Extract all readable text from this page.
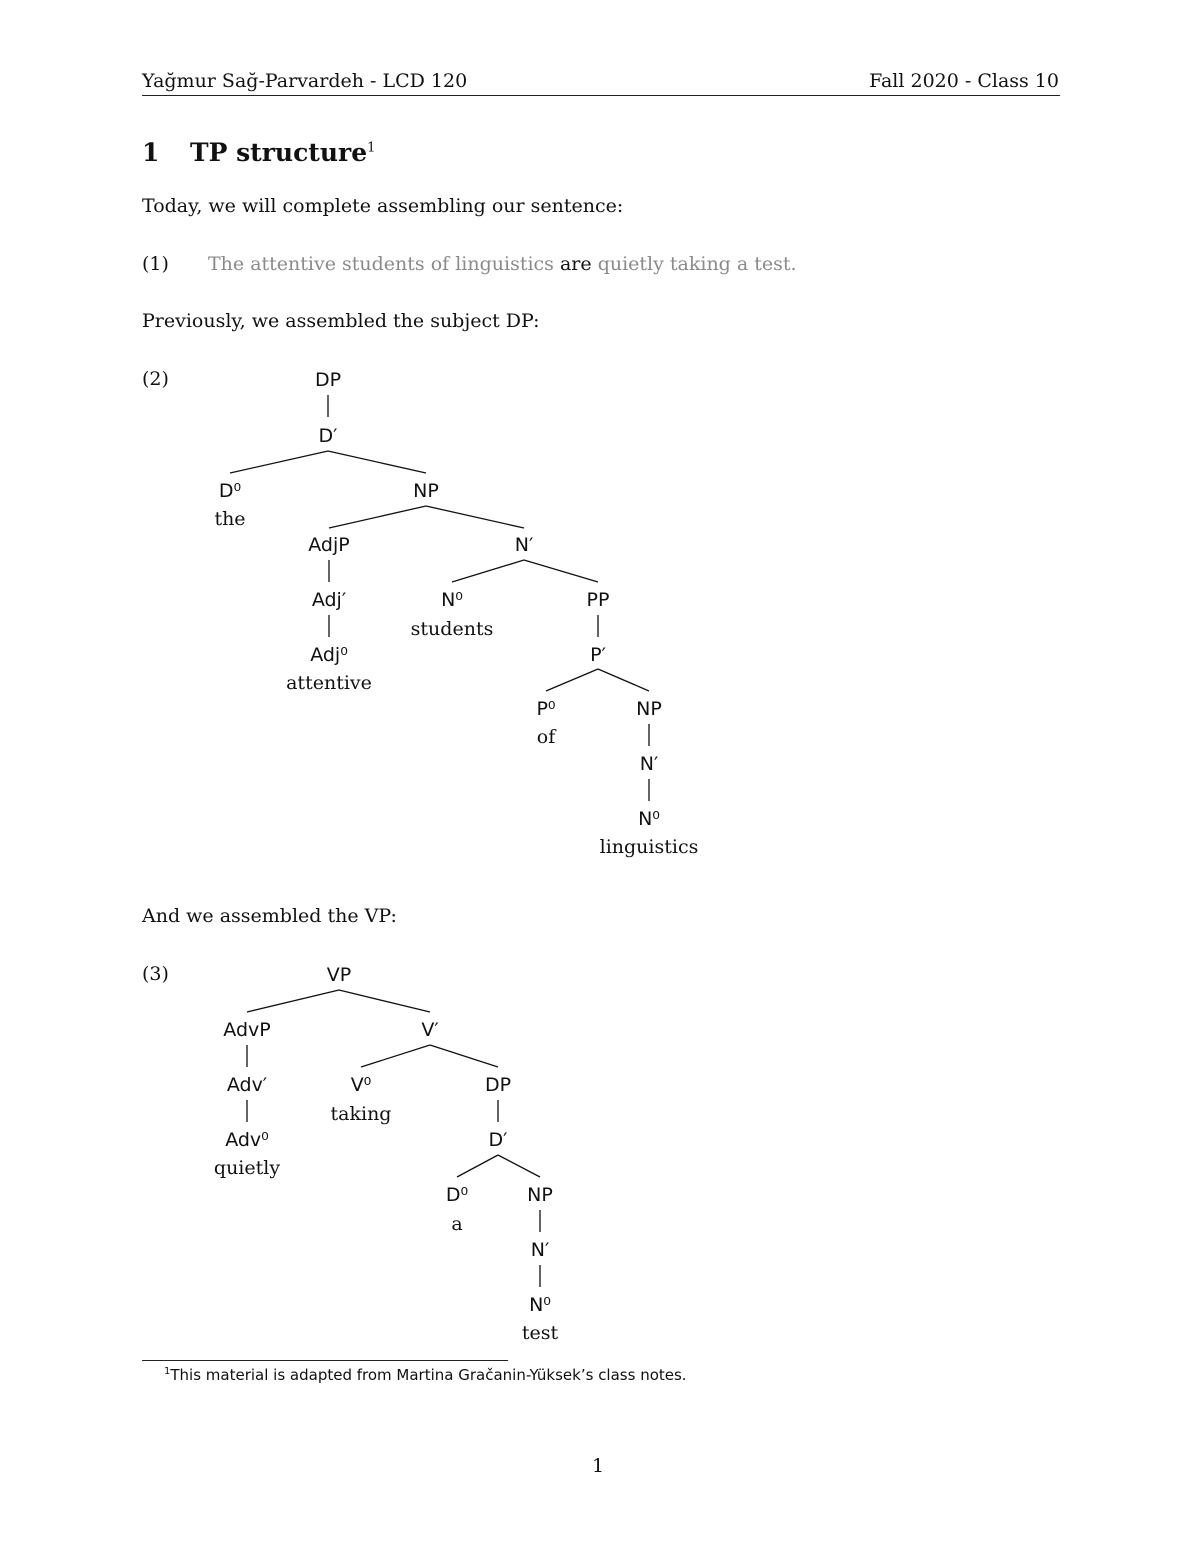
Yağmur Sağ-Parvardeh - LCD 120	Fall 2020 - Class 10
1 TP structure$^1$
Today, we will complete assembling our sentence:
(1) The attentive students of linguistics are quietly taking a test.
Previously, we assembled the subject DP:
(2)	DP
D′
D⁰
the
NP
AdjP	N′
Adj′	N⁰
students
PP
Adj⁰
attentive
P′
P⁰
of
NP
N′
N⁰
linguistics
And we assembled the VP:
(3)	VP
AdvP	V′
Adv′	V⁰
taking
DP
Adv⁰
quietly
D′
D⁰
a
NP
N′
N⁰
test
$^1$This material is adapted from Martina Gračanin-Yüksek’s class notes.
1
